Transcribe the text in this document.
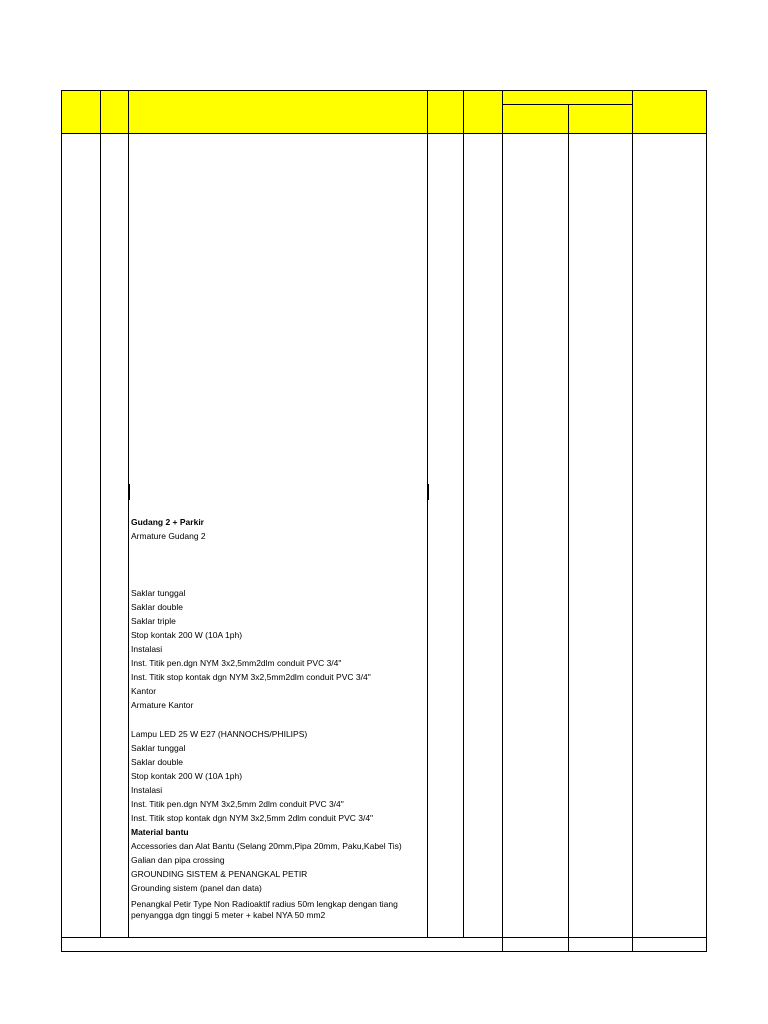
Gudang 2 + Parkir
Armature Gudang 2
Saklar tunggal
Saklar double
Saklar triple
Stop kontak 200 W (10A 1ph)
Instalasi
Inst. Titik pen.dgn NYM 3x2,5mm2dlm conduit PVC 3/4"
Inst. Titik stop kontak dgn NYM 3x2,5mm2dlm conduit PVC 3/4"
Kantor
Armature Kantor
Lampu LED 25 W E27 (HANNOCHS/PHILIPS)
Saklar tunggal
Saklar double
Stop kontak 200 W (10A 1ph)
Instalasi
Inst. Titik pen.dgn NYM 3x2,5mm 2dlm conduit PVC 3/4"
Inst. Titik stop kontak dgn NYM 3x2,5mm 2dlm conduit PVC 3/4"
Material bantu
Accessories dan Alat Bantu (Selang 20mm,Pipa 20mm, Paku,Kabel Tis)
Galian dan pipa crossing
GROUNDING SISTEM & PENANGKAL PETIR
Grounding sistem (panel dan data)
Penangkal Petir Type Non Radioaktif radius 50m lengkap dengan tiang penyangga dgn tinggi 5 meter + kabel NYA 50 mm2
